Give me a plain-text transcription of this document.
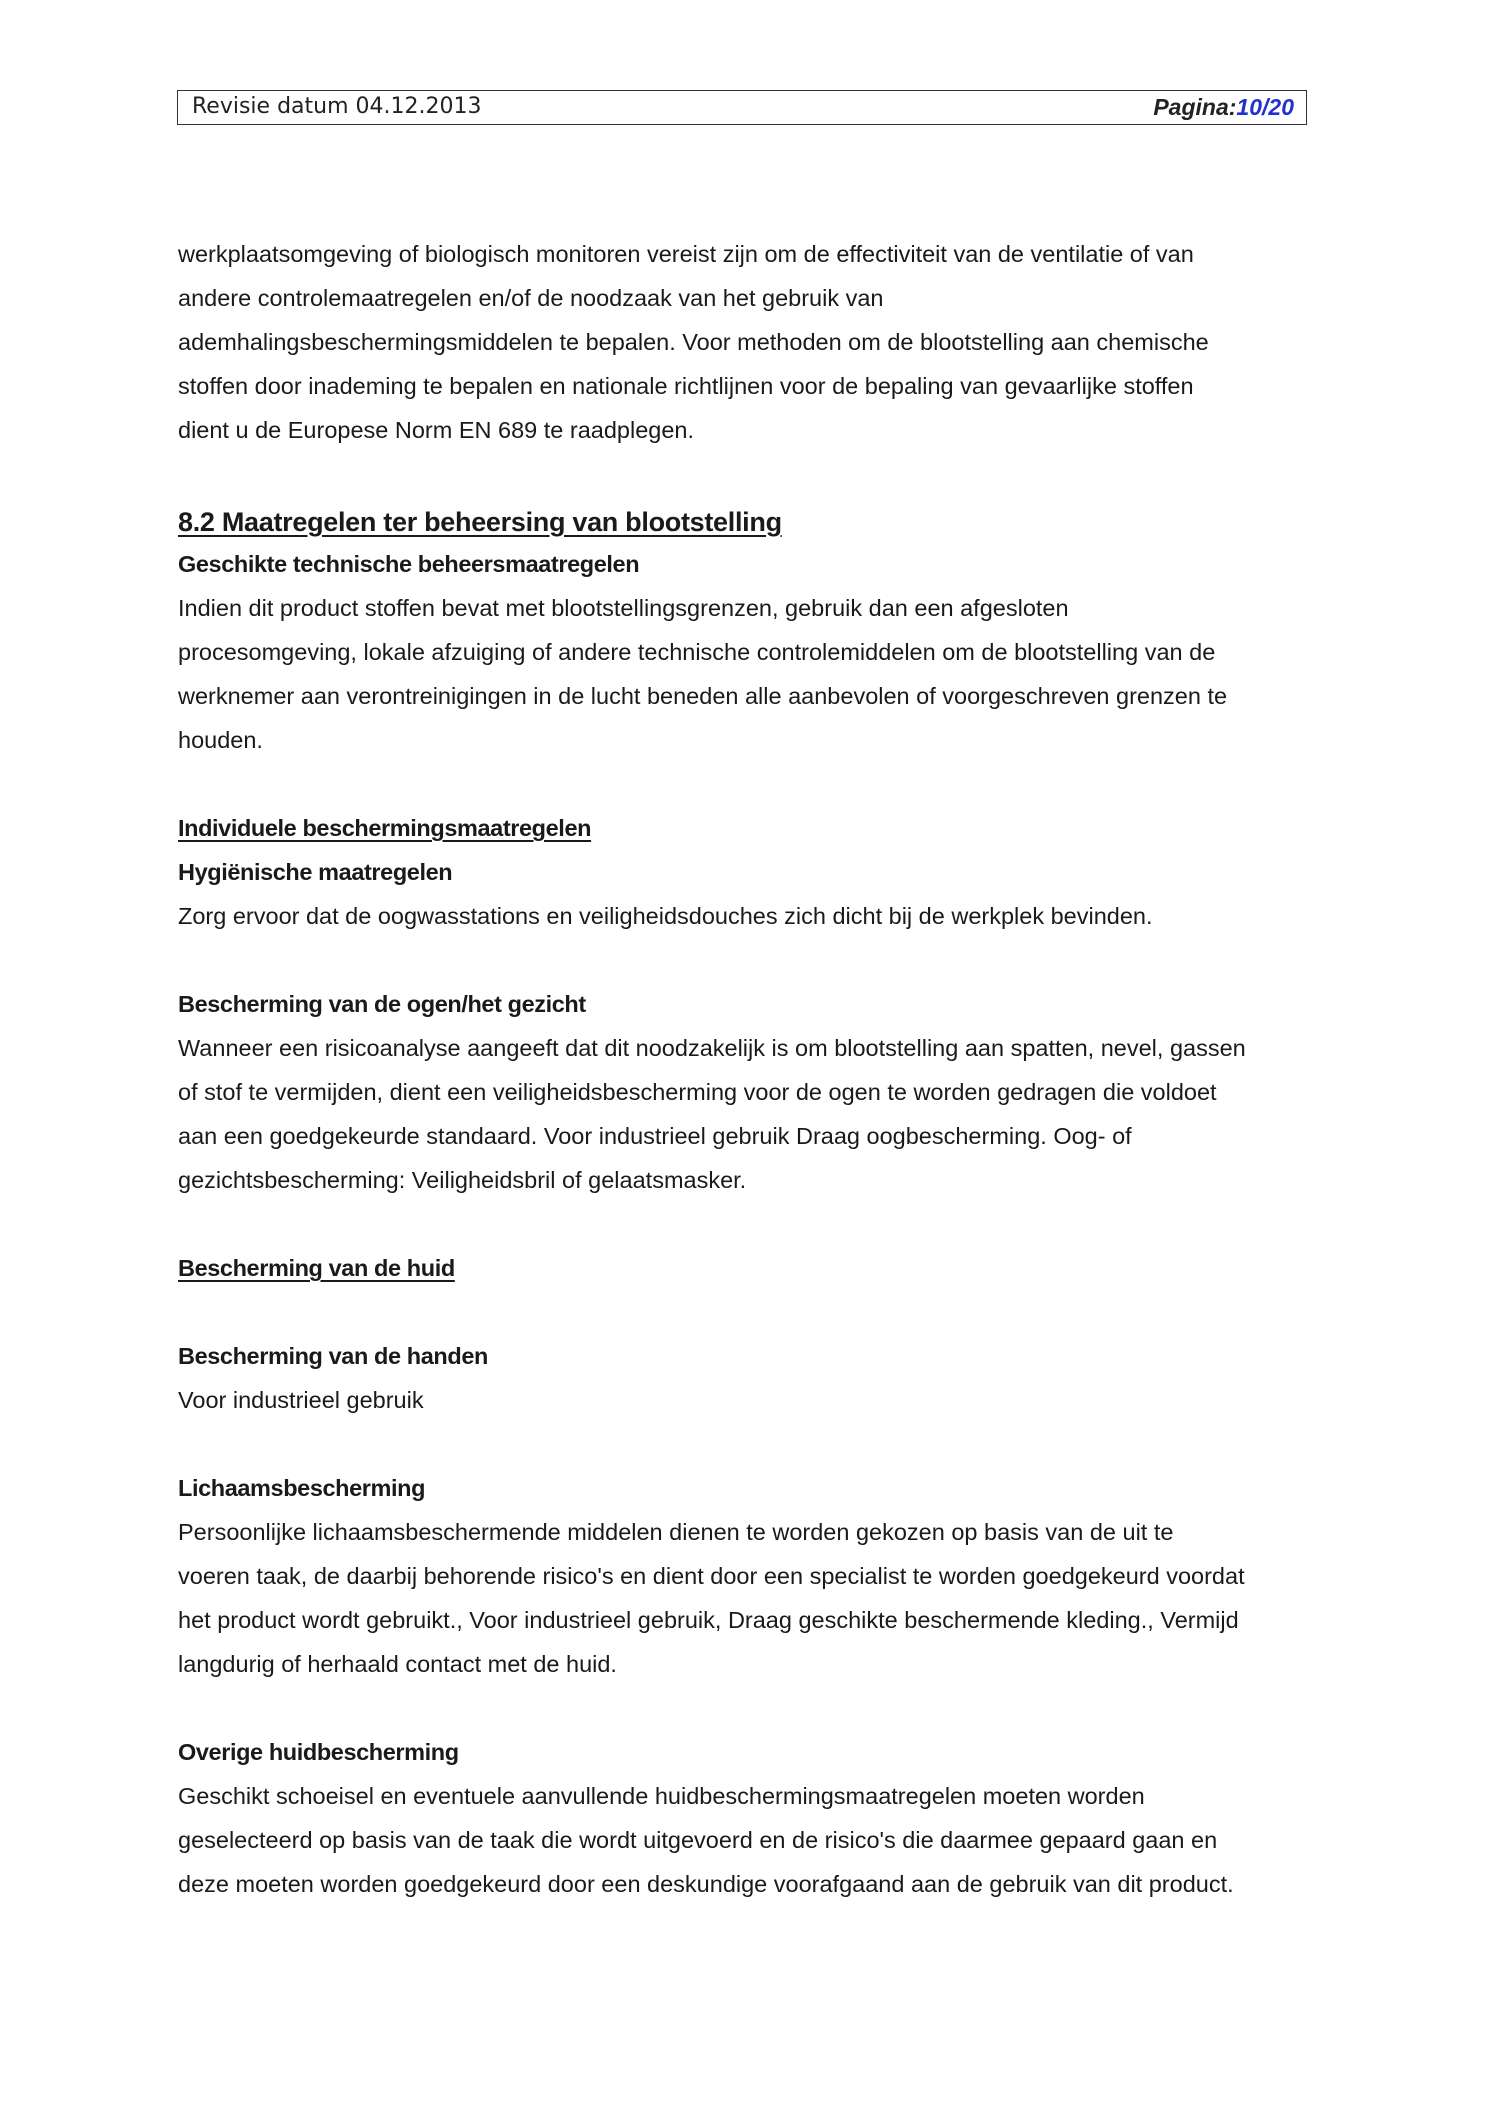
Revisie datum 04.12.2013	Pagina:10/20

werkplaatsomgeving of biologisch monitoren vereist zijn om de effectiviteit van de ventilatie of van

andere controlemaatregelen en/of de noodzaak van het gebruik van

ademhalingsbeschermingsmiddelen te bepalen. Voor methoden om de blootstelling aan chemische

stoffen door inademing te bepalen en nationale richtlijnen voor de bepaling van gevaarlijke stoffen

dient u de Europese Norm EN 689 te raadplegen.

8.2 Maatregelen ter beheersing van blootstelling

Geschikte technische beheersmaatregelen

Indien dit product stoffen bevat met blootstellingsgrenzen, gebruik dan een afgesloten

procesomgeving, lokale afzuiging of andere technische controlemiddelen om de blootstelling van de

werknemer aan verontreinigingen in de lucht beneden alle aanbevolen of voorgeschreven grenzen te

houden.

Individuele beschermingsmaatregelen

Hygiënische maatregelen

Zorg ervoor dat de oogwasstations en veiligheidsdouches zich dicht bij de werkplek bevinden.

Bescherming van de ogen/het gezicht

Wanneer een risicoanalyse aangeeft dat dit noodzakelijk is om blootstelling aan spatten, nevel, gassen

of stof te vermijden, dient een veiligheidsbescherming voor de ogen te worden gedragen die voldoet

aan een goedgekeurde standaard. Voor industrieel gebruik Draag oogbescherming. Oog- of

gezichtsbescherming: Veiligheidsbril of gelaatsmasker.

Bescherming van de huid

Bescherming van de handen

Voor industrieel gebruik

Lichaamsbescherming

Persoonlijke lichaamsbeschermende middelen dienen te worden gekozen op basis van de uit te

voeren taak, de daarbij behorende risico's en dient door een specialist te worden goedgekeurd voordat

het product wordt gebruikt., Voor industrieel gebruik, Draag geschikte beschermende kleding., Vermijd

langdurig of herhaald contact met de huid.

Overige huidbescherming

Geschikt schoeisel en eventuele aanvullende huidbeschermingsmaatregelen moeten worden

geselecteerd op basis van de taak die wordt uitgevoerd en de risico's die daarmee gepaard gaan en

deze moeten worden goedgekeurd door een deskundige voorafgaand aan de gebruik van dit product.
